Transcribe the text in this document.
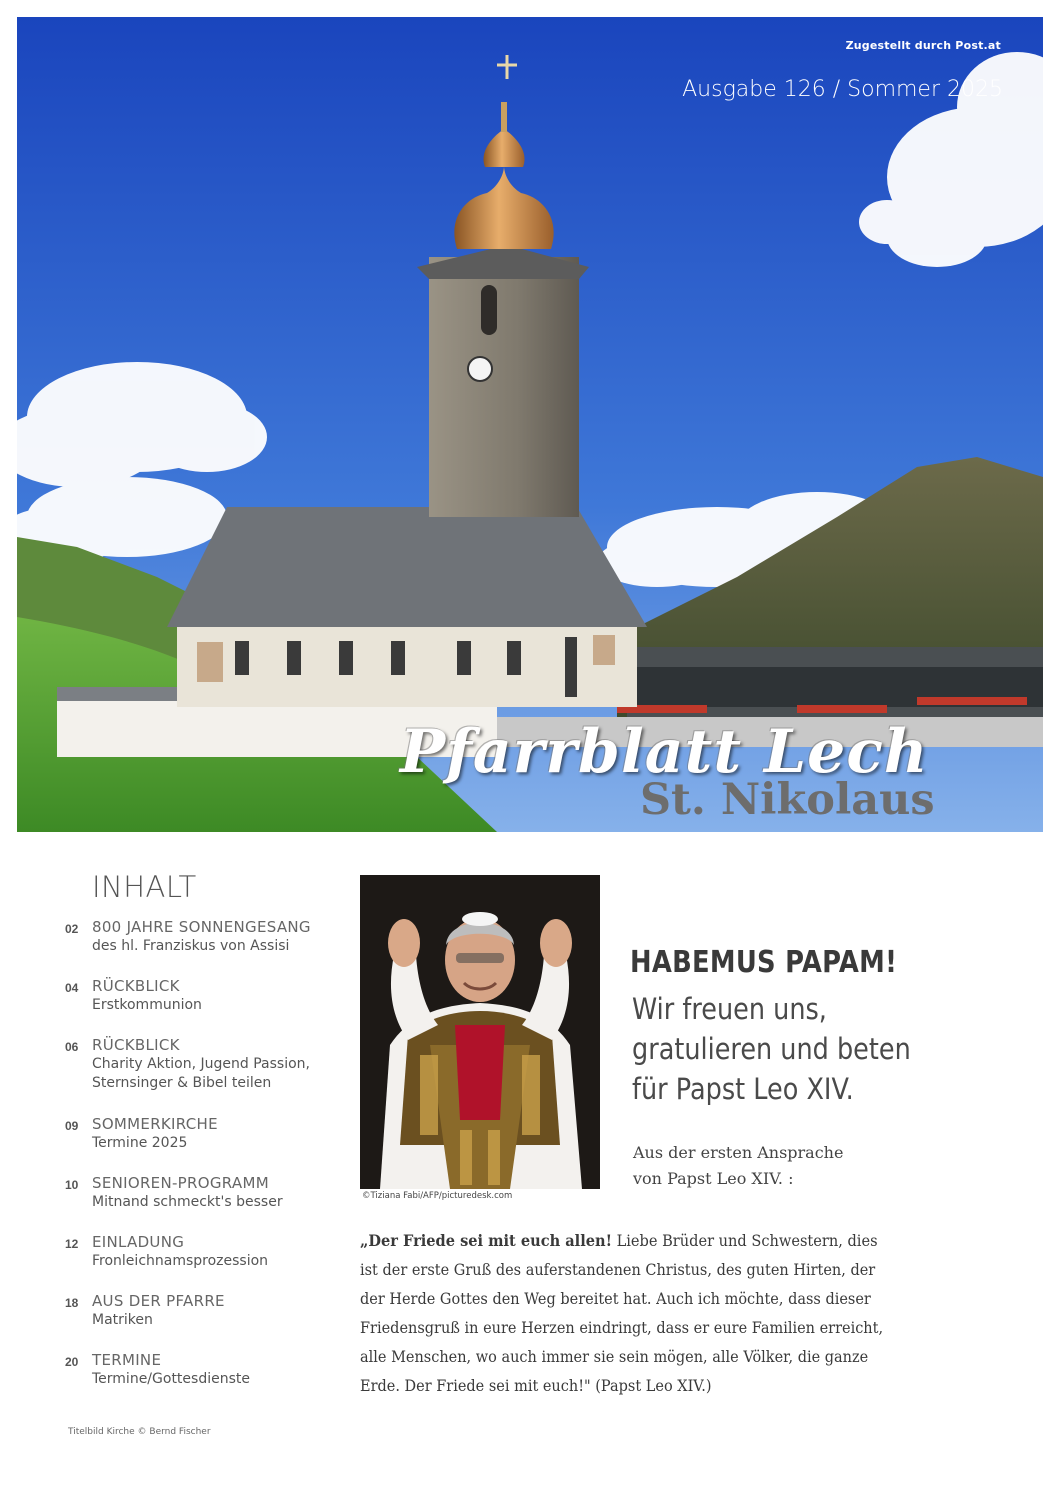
Zugestellt durch Post.at
Ausgabe 126 / Sommer 2025
Pfarrblatt Lech
St. Nikolaus
INHALT
02 800 JAHRE SONNENGESANG
des hl. Franziskus von Assisi
04 RÜCKBLICK
Erstkommunion
06 RÜCKBLICK
Charity Aktion, Jugend Passion,
Sternsinger & Bibel teilen
09 SOMMERKIRCHE
Termine 2025
10 SENIOREN-PROGRAMM
Mitnand schmeckt's besser
12 EINLADUNG
Fronleichnamsprozession
18 AUS DER PFARRE
Matriken
20 TERMINE
Termine/Gottesdienste
Titelbild Kirche © Bernd Fischer
©Tiziana Fabi/AFP/picturedesk.com
HABEMUS PAPAM!
Wir freuen uns,
gratulieren und beten
für Papst Leo XIV.
Aus der ersten Ansprache
von Papst Leo XIV. :
„Der Friede sei mit euch allen! Liebe Brüder und Schwestern, dies
ist der erste Gruß des auferstandenen Christus, des guten Hirten, der
der Herde Gottes den Weg bereitet hat. Auch ich möchte, dass dieser
Friedensgruß in eure Herzen eindringt, dass er eure Familien erreicht,
alle Menschen, wo auch immer sie sein mögen, alle Völker, die ganze
Erde. Der Friede sei mit euch!" (Papst Leo XIV.)
